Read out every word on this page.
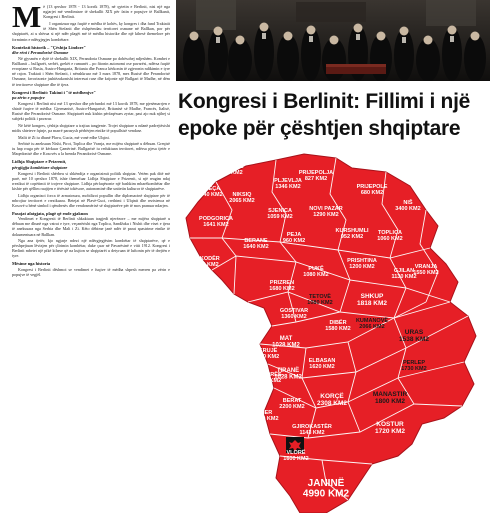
M ë (13 qershor 1878 - 13 korrik 1878), në qytetin e Berlinit, nisi një nga ngjarjet më vendimtare të shekullit XIX për fatin e popujve të Ballkanit, Kongresi i Berlinit.

I organizuar nga fuqitë e mëdha të kohës, ky kongres i dha fund Traktatit të Shën Stefanit dhe rishpërndau territoret osmane në Ballkan, por për shqiptarët, ai u shërua si një ndër plagët më të mëdha historike dhe një kthesë themelore për formimin e ndërgjegjes kombëtare.

Konteksti historik – "Çështja Lindore"

dhe rëni i Perandorisë Osmane

Në gjysmën e dytë të shekullit XIX, Perandoria Osmane po dobësohej ndjeshëm. Kombet e Ballkanit – bullgarët, serbët, grekët e rumunët – po fitonin autonomi ose pavarësi, ndërsa fuqitë evropiane si Rusia, Austro-Hungaria, Britania dhe Franca kërkonin të zgjeronin ndikimin e tyre në rajon. Traktati i Shën Stefanit, i nënshkruar më 3 mars 1878, mes Rusisë dhe Perandorisë Osmane, favorizonte jashtëzakonisht interesat ruse dhe krijonte një Bullgari të Madhe, në dëm të territoreve shqiptare dhe të tjera.

Kongresi i Berlinit: Takimi i "të mëdhenjve"

pa zërin e popujve

Kongresi i Berlinit nisi më 13 qershor dhe përfundoi më 13 korrik 1878, me pjesëmarrjen e shtatë fuqive të mëdha: Gjermanisë, Austro-Hungarisë, Britanisë së Madhe, Francës, Italisë, Rusisë dhe Perandorisë Osmane. Shqiptarët nuk kishin përfaqësues zyrtar, pasi ajo nuk njihej si subjekt politik i pavarur.

Në këtë kongres, çështja shqiptare u trajtua tangjente. Trojet shqiptare u ndanë padrejtësisht midis shteteve fqinje, pa marrë parasysh përbërjen etnike të popullsisë vendase.

Malit të Zi iu dhanë Plava, Gucia, më vonë edhe Ulqini.

Serbisë iu aneksuan Nishi, Pirot, Toplica dhe Vranja, me mijëra shqiptarë u dëbuan. Greqisë iu hap rruga për të kërkuar Çamërinë. Bullgarisë iu reduktuan territoret, ndërsa pjesa tjetër e Maqedonisë dhe e Kosovës u la brenda Perandorisë Osmane.

Lidhja Shqiptare e Prizrenit,

përgjigjja kombëtare shqiptare

Kongresi i Berlinit shërbeu si shkëndija e organizimit politik shqiptar. Vetëm pak ditë më parë, më 10 qershor 1878, ishte themeluar Lidhja Shqiptare e Prizrenit, si një reagim ndaj rrezikut të copëtimit të trojeve shqiptare. Lidhja përfaqësonte një bashkim mbarëkombëtar dhe kishte për qëllim ruajtjen e tërësisë tokësore, autonominë dhe unitetin kulturor të shqiptarëve.

Lidhja organizoi forca të armatosura, mobilizoi popullin dhe diplomacinë shqiptare për të mbrojtur territoret e rrezikuara. Betejat në Plavë-Guci, rrethimi i Ulqinit dhe rezistenca në Kosovë u bënë simbol i qëndresës dhe vendosmërisë së shqiptarëve për të mos pranuar ndarjen.

Pasojat afatgjata, plagë që ende gjaknon

Vendimet e Kongresit të Berlinit shkaktuan tragjedi njerëzore – me mijëra shqiptarë u dëbuan me dhunë nga vatrat e tyre, veçanërisht nga Toplica, Sandžaku i Nishit dhe viset e tjera të aneksuara nga Serbia dhe Mali i Zi. Këto dëbime janë ndër të parat spastrime etnike të dokumentuara në Ballkan.

Nga ana tjetër, kjo ngjarje ndezi një ndërgjegjësim kombëtar të shqiptarëve, që e përshpejtuan lëvizjen për çlirimin kombëtar, duke çuar në Pavarësinë e vitit 1912. Kongresi i Berlinit mbetet një pikë kthese që na kujton se shqiptarët u detyruan të luftonin për të drejtën e tyre.

Mësime nga historia

Kongresi i Berlinit dëshmoi se vendimet e fuqive të mëdha shpesh merren pa zërin e popujve të vegjël.

Kongresi i Berlinit: Fillimi i një epoke për çështjen shqiptare
TREBINJE
1920 KM2
BILEÇA
1340 KM2 NIKSIQ
2065 KM2
PLJEVLJA
1346 KM2
PRIJEPOLJA
827 KM2
PRIJEPOLE
680 KM2
NOVI PAZAR
1290 KM2
SJENICA
1059 KM2
NIŠ
3400 KM2
TOPLICA
1060 KM2
KURSHUMLI
952 KM2
VRANJA
1550 KM2
PODGORICA
1641 KM2
BERANE
1640 KM2
PEJA
960 KM2
PRISHTINA
1200 KM2
GJILAN
1130 KM2
PUKË
1080 KM2
SHKODËR
2060 KM2
PRIZREN
1680 KM2
SHKUP
1818 KM2
TETOVË
1080 KM2
GOSTIVAR
1360 KM2
KUMANOVË
2066 KM2
DIBËR
1580 KM2
MAT
1028 KM2
KRUJË
600 KM2
TIRANË
1028 KM2
ELBASAN
1620 KM2
DURRËS
600 KM2
URAS
1538 KM2
PERLEP
1730 KM2
KORÇË
2308 KM2
MANASTIR
1800 KM2
BERAT
2200 KM2
FIER
1170 KM2
GJIROKASTËR
1143 KM2
KOSTUR
1720 KM2
VLORË
1600 KM2
JANINË
4990 KM2
